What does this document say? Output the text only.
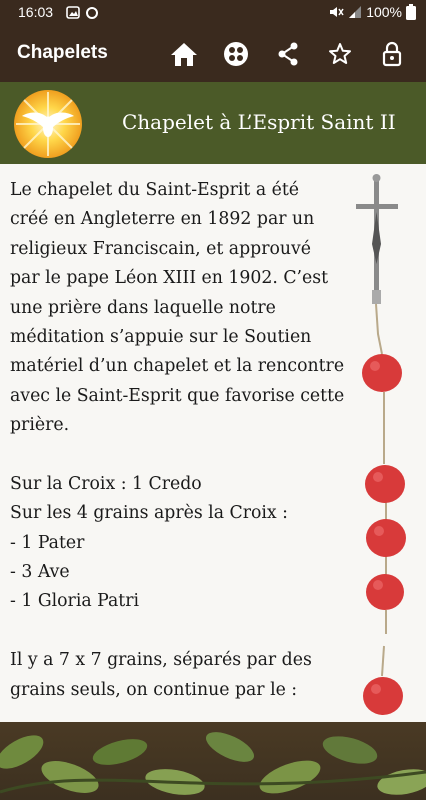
16:03	100%
Chapelets
Chapelet à L’Esprit Saint II
Le chapelet du Saint-Esprit a été
créé en Angleterre en 1892 par un
religieux Franciscain, et approuvé
par le pape Léon XIII en 1902. C’est
une prière dans laquelle notre
méditation s’appuie sur le Soutien
matériel d’un chapelet et la rencontre
avec le Saint-Esprit que favorise cette
prière.
Sur la Croix : 1 Credo
Sur les 4 grains après la Croix :
- 1 Pater
- 3 Ave
- 1 Gloria Patri
Il y a 7 x 7 grains, séparés par des
grains seuls, on continue par le :
